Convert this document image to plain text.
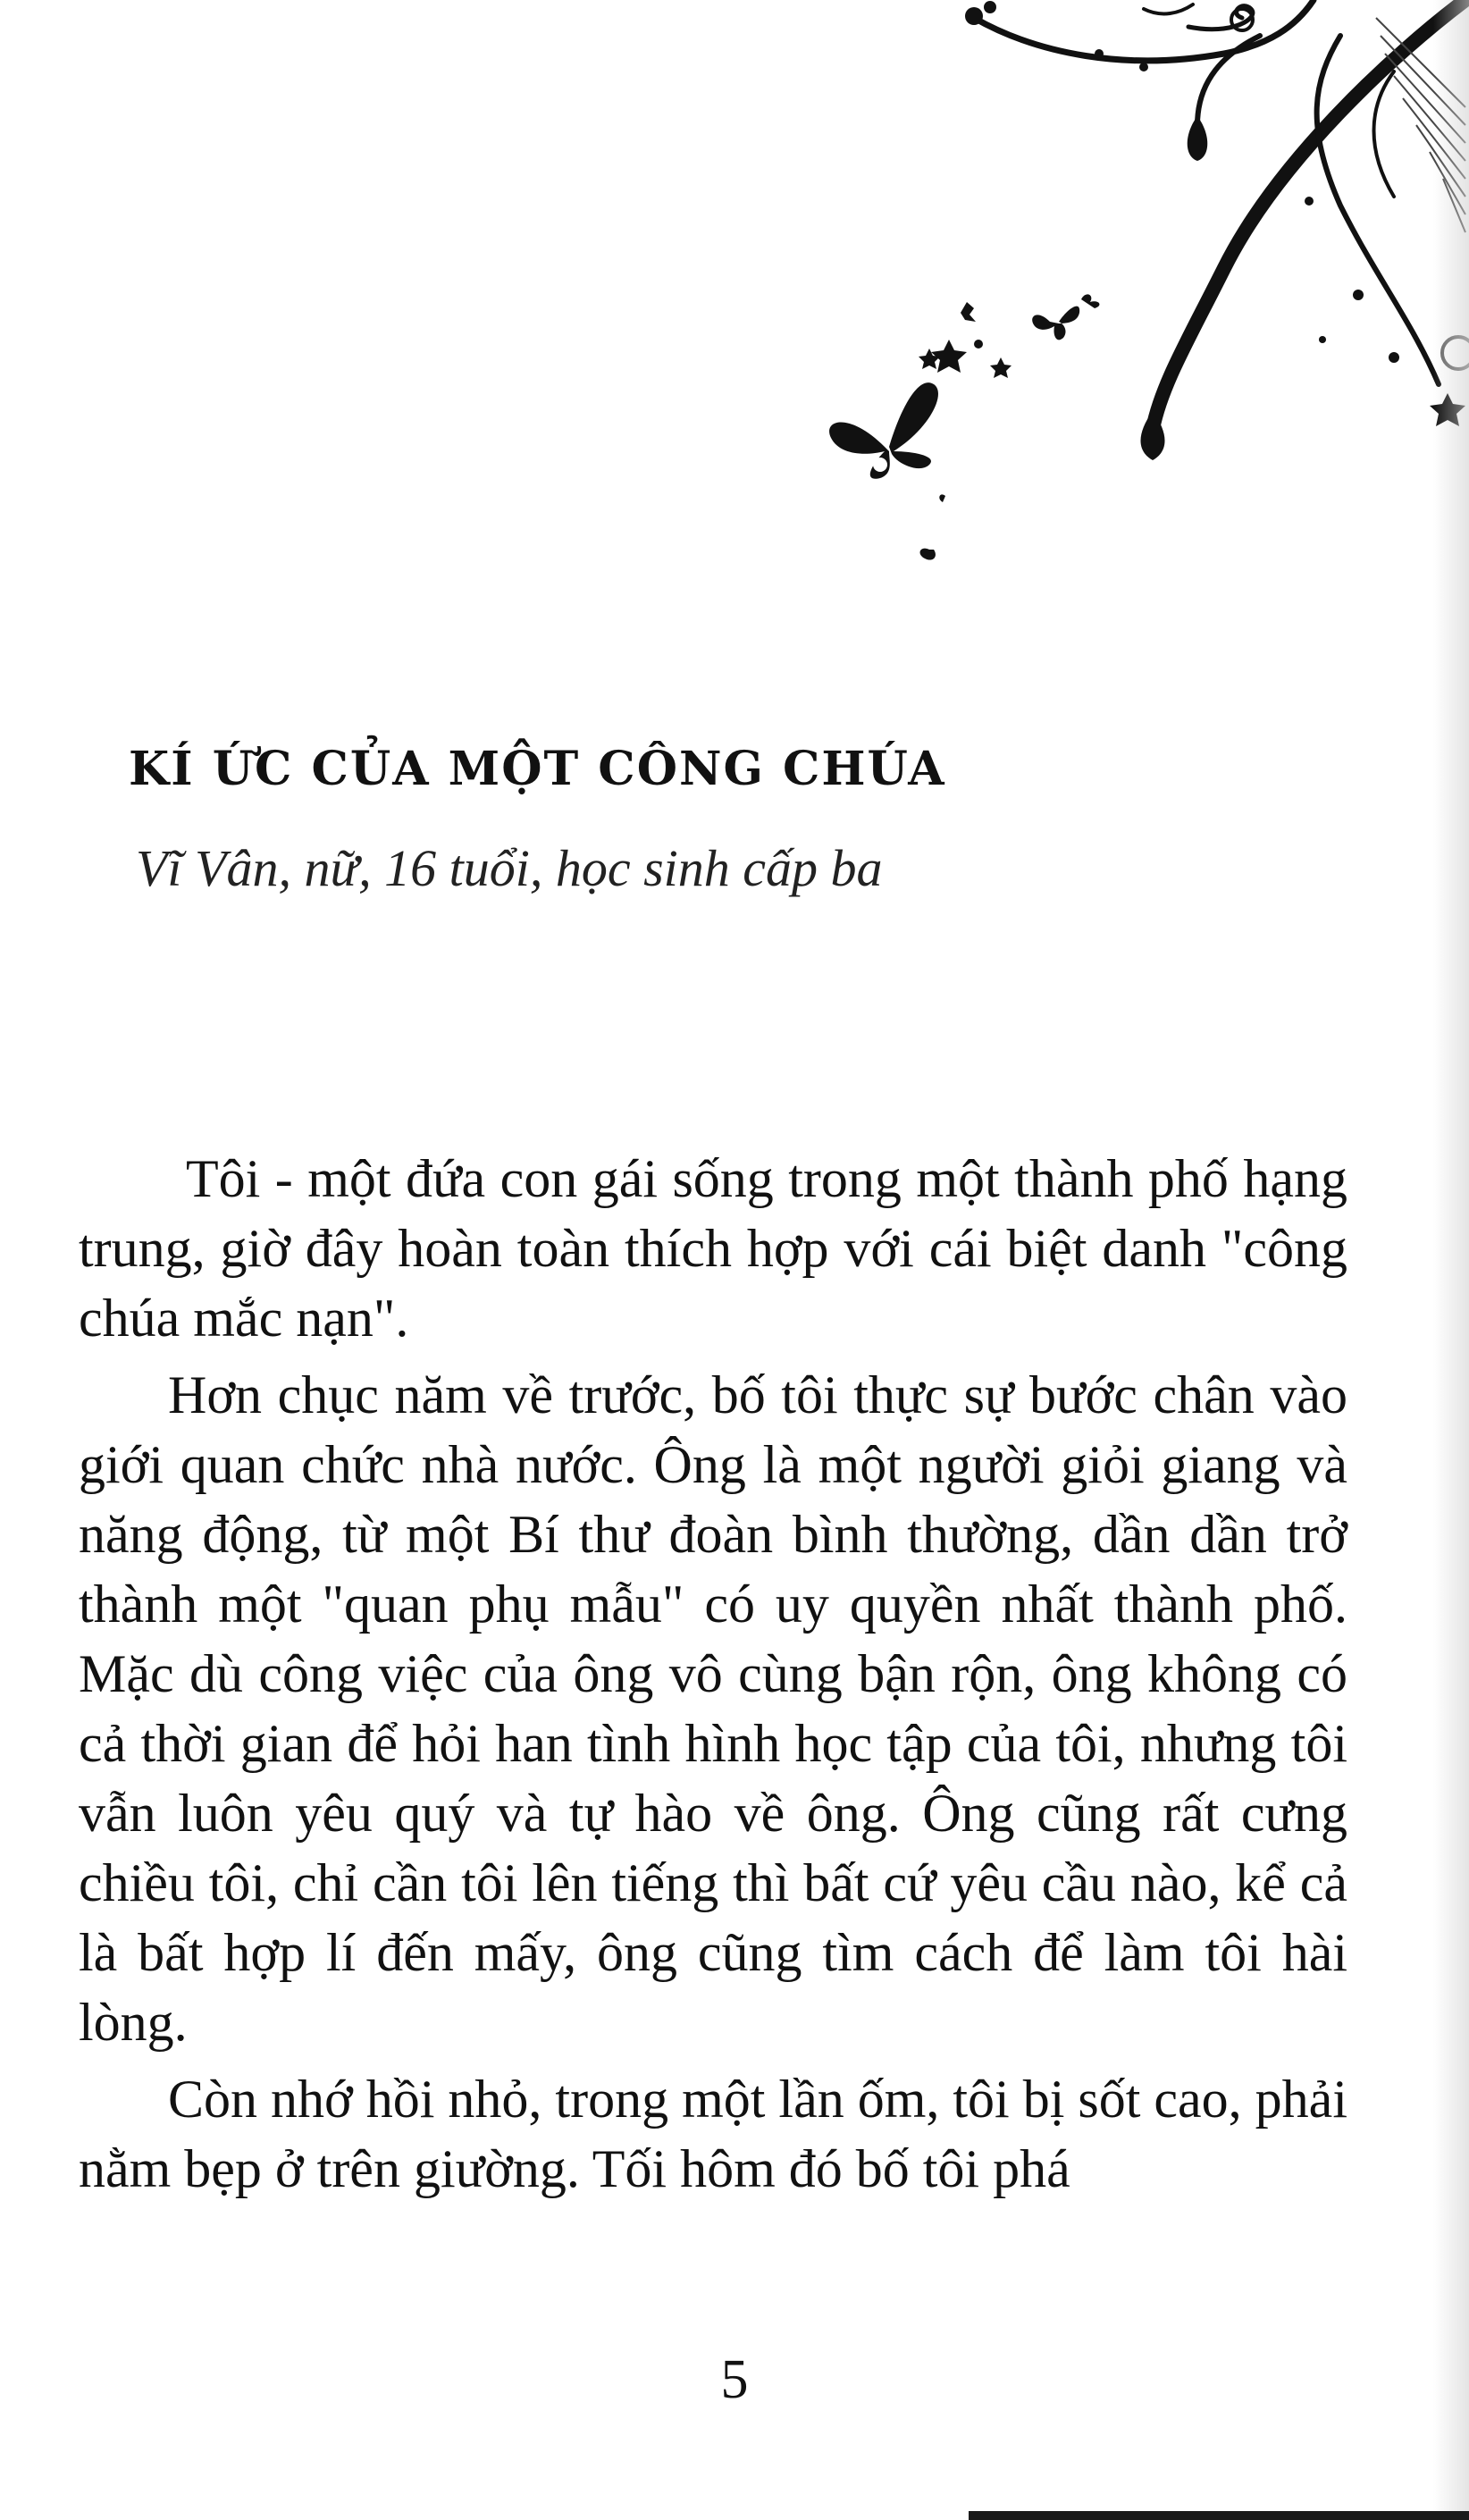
KÍ ỨC CỦA MỘT CÔNG CHÚA

Vĩ Vân, nữ, 16 tuổi, học sinh cấp ba

Tôi - một đứa con gái sống trong một thành phố hạng trung, giờ đây hoàn toàn thích hợp với cái biệt danh "công chúa mắc nạn".

Hơn chục năm về trước, bố tôi thực sự bước chân vào giới quan chức nhà nước. Ông là một người giỏi giang và năng động, từ một Bí thư đoàn bình thường, dần dần trở thành một "quan phụ mẫu" có uy quyền nhất thành phố. Mặc dù công việc của ông vô cùng bận rộn, ông không có cả thời gian để hỏi han tình hình học tập của tôi, nhưng tôi vẫn luôn yêu quý và tự hào về ông. Ông cũng rất cưng chiều tôi, chỉ cần tôi lên tiếng thì bất cứ yêu cầu nào, kể cả là bất hợp lí đến mấy, ông cũng tìm cách để làm tôi hài lòng.

Còn nhớ hồi nhỏ, trong một lần ốm, tôi bị sốt cao, phải nằm bẹp ở trên giường. Tối hôm đó bố tôi phá

5
